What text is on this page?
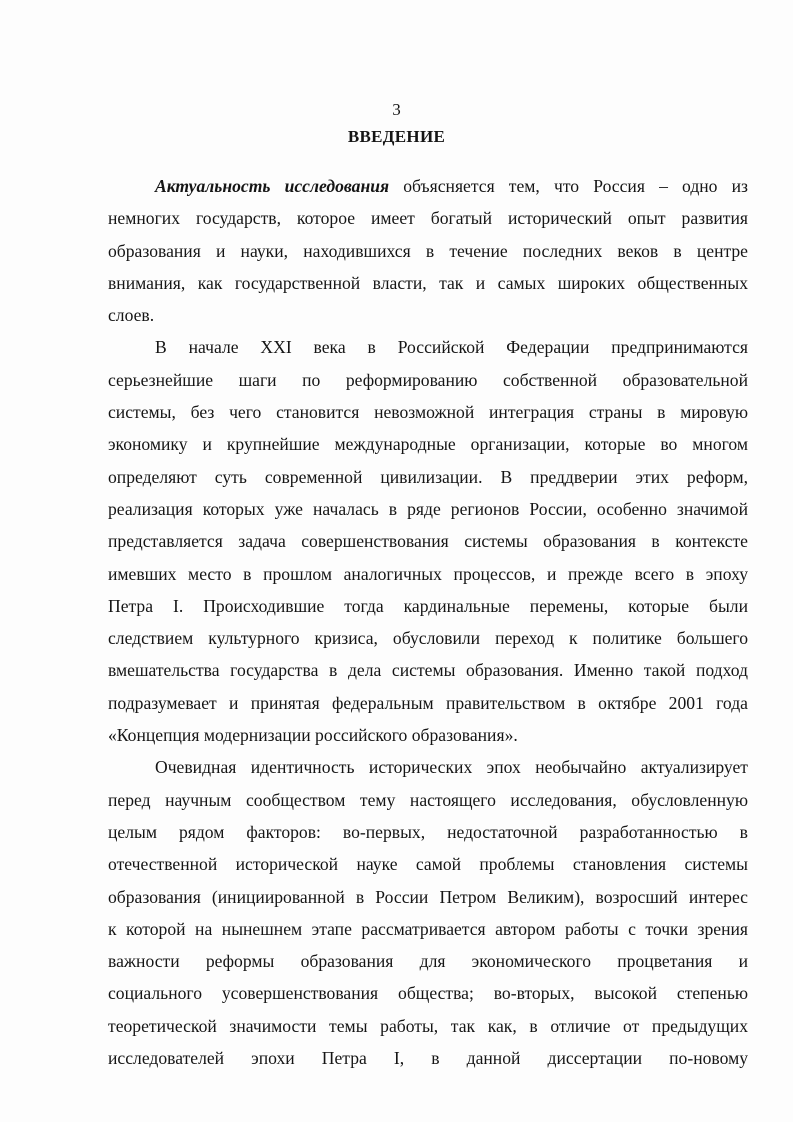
3
ВВЕДЕНИЕ
Актуальность исследования объясняется тем, что Россия – одно из
немногих государств, которое имеет богатый исторический опыт развития
образования и науки, находившихся в течение последних веков в центре
внимания, как государственной власти, так и самых широких общественных
слоев.
В начале XXI века в Российской Федерации предпринимаются
серьезнейшие шаги по реформированию собственной образовательной
системы, без чего становится невозможной интеграция страны в мировую
экономику и крупнейшие международные организации, которые во многом
определяют суть современной цивилизации. В преддверии этих реформ,
реализация которых уже началась в ряде регионов России, особенно значимой
представляется задача совершенствования системы образования в контексте
имевших место в прошлом аналогичных процессов, и прежде всего в эпоху
Петра I. Происходившие тогда кардинальные перемены, которые были
следствием культурного кризиса, обусловили переход к политике большего
вмешательства государства в дела системы образования. Именно такой подход
подразумевает и принятая федеральным правительством в октябре 2001 года
«Концепция модернизации российского образования».
Очевидная идентичность исторических эпох необычайно актуализирует
перед научным сообществом тему настоящего исследования, обусловленную
целым рядом факторов: во-первых, недостаточной разработанностью в
отечественной исторической науке самой проблемы становления системы
образования (инициированной в России Петром Великим), возросший интерес
к которой на нынешнем этапе рассматривается автором работы с точки зрения
важности реформы образования для экономического процветания и
социального усовершенствования общества; во-вторых, высокой степенью
теоретической значимости темы работы, так как, в отличие от предыдущих
исследователей эпохи Петра I, в данной диссертации по-новому
